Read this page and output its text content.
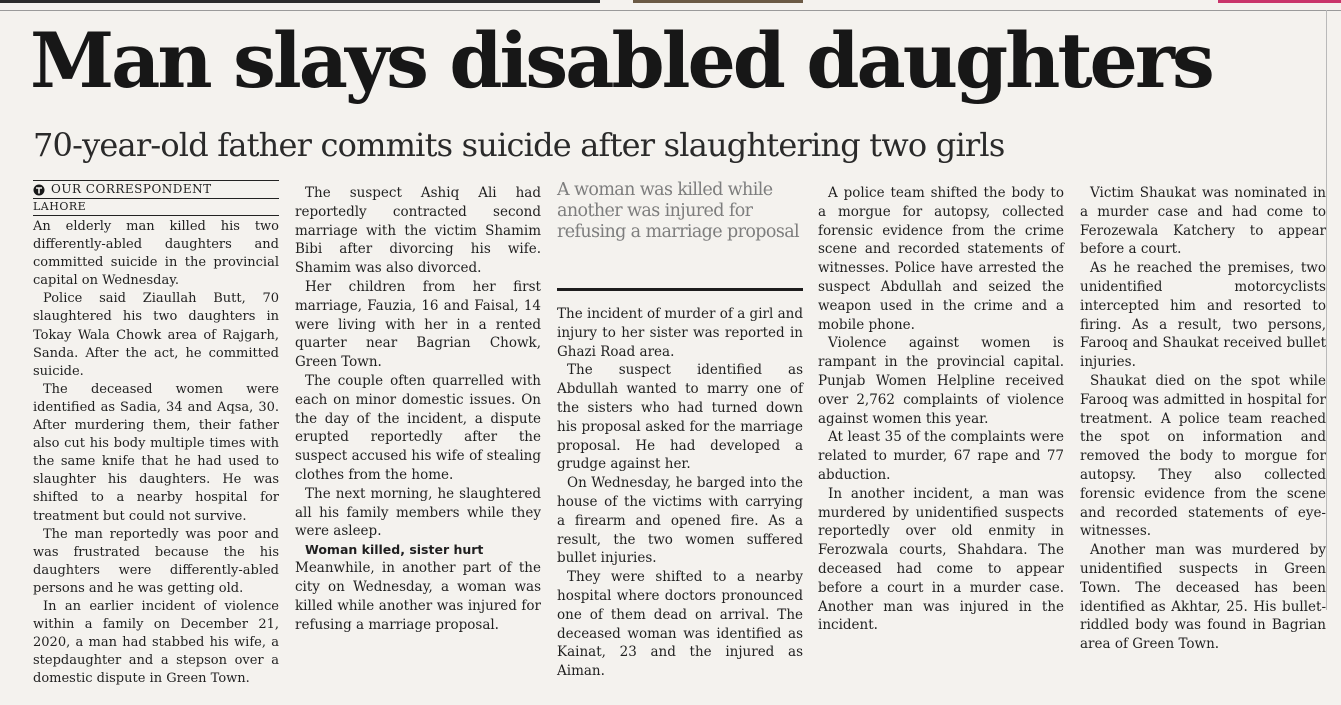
Man slays disabled daughters
70-year-old father commits suicide after slaughtering two girls
OUR CORRESPONDENT
LAHORE

An elderly man killed his two differently-abled daughters and committed suicide in the provincial capital on Wednesday.

Police said Ziaullah Butt, 70 slaughtered his two daughters in Tokay Wala Chowk area of Rajgarh, Sanda. After the act, he committed suicide.

The deceased women were identified as Sadia, 34 and Aqsa, 30. After murdering them, their father also cut his body multiple times with the same knife that he had used to slaughter his daughters. He was shifted to a nearby hospital for treatment but could not survive.

The man reportedly was poor and was frustrated because the his daughters were differently-abled persons and he was getting old.

In an earlier incident of violence within a family on December 21, 2020, a man had stabbed his wife, a stepdaughter and a stepson over a domestic dispute in Green Town.

The suspect Ashiq Ali had reportedly contracted second marriage with the victim Shamim Bibi after divorcing his wife. Shamim was also divorced.

Her children from her first marriage, Fauzia, 16 and Faisal, 14 were living with her in a rented quarter near Bagrian Chowk, Green Town.

The couple often quarrelled with each on minor domestic issues. On the day of the incident, a dispute erupted reportedly after the suspect accused his wife of stealing clothes from the home.

The next morning, he slaughtered all his family members while they were asleep.

Woman killed, sister hurt

Meanwhile, in another part of the city on Wednesday, a woman was killed while another was injured for refusing a marriage proposal.

A woman was killed while another was injured for refusing a marriage proposal

The incident of murder of a girl and injury to her sister was reported in Ghazi Road area.

The suspect identified as Abdullah wanted to marry one of the sisters who had turned down his proposal asked for the marriage proposal. He had developed a grudge against her.

On Wednesday, he barged into the house of the victims with carrying a firearm and opened fire. As a result, the two women suffered bullet injuries.

They were shifted to a nearby hospital where doctors pronounced one of them dead on arrival. The deceased woman was identified as Kainat, 23 and the injured as Aiman.

A police team shifted the body to a morgue for autopsy, collected forensic evidence from the crime scene and recorded statements of witnesses. Police have arrested the suspect Abdullah and seized the weapon used in the crime and a mobile phone.

Violence against women is rampant in the provincial capital. Punjab Women Helpline received over 2,762 complaints of violence against women this year.

At least 35 of the complaints were related to murder, 67 rape and 77 abduction.

In another incident, a man was murdered by unidentified suspects reportedly over old enmity in Ferozwala courts, Shahdara. The deceased had come to appear before a court in a murder case. Another man was injured in the incident.

Victim Shaukat was nominated in a murder case and had come to Ferozewala Katchery to appear before a court.

As he reached the premises, two unidentified motorcyclists intercepted him and resorted to firing. As a result, two persons, Farooq and Shaukat received bullet injuries.

Shaukat died on the spot while Farooq was admitted in hospital for treatment. A police team reached the spot on information and removed the body to morgue for autopsy. They also collected forensic evidence from the scene and recorded statements of eye-witnesses.

Another man was murdered by unidentified suspects in Green Town. The deceased has been identified as Akhtar, 25. His bullet-riddled body was found in Bagrian area of Green Town.
